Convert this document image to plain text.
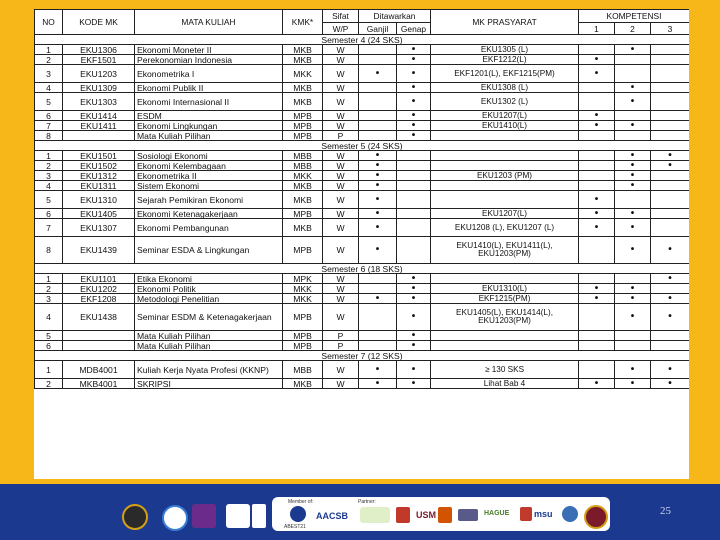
NO	KODE MK	MATA KULIAH	KMK*	Sifat	Ditawarkan		MK PRASYARAT	KOMPETENSI		
				W/P	Ganjil	Genap		1	2	3
Semester 4 (24 SKS)										
1	EKU1306	Ekonomi Moneter II	MKB	W		•	EKU1305 (L)		•	
2	EKF1501	Perekonomian Indonesia	MKB	W		•	EKF1212(L)	•		
3	EKU1203	Ekonometrika I	MKK	W	•	•	EKF1201(L), EKF1215(PM)	•		
4	EKU1309	Ekonomi Publik II	MKB	W		•	EKU1308 (L)		•	
5	EKU1303	Ekonomi Internasional II	MKB	W		•	EKU1302 (L)		•	
6	EKU1414	ESDM	MPB	W		•	EKU1207(L)	•		
7	EKU1411	Ekonomi Lingkungan	MPB	W		•	EKU1410(L)	•	•	
8		Mata Kuliah Pilihan	MPB	P		•				
Semester 5 (24 SKS)										
1	EKU1501	Sosiologi Ekonomi	MBB	W	•				•	•
2	EKU1502	Ekonomi Kelembagaan	MBB	W	•				•	•
3	EKU1312	Ekonometrika II	MKK	W	•		EKU1203 (PM)		•	
4	EKU1311	Sistem Ekonomi	MKB	W	•				•	
5	EKU1310	Sejarah Pemikiran Ekonomi	MKB	W	•			•		
6	EKU1405	Ekonomi Ketenagakerjaan	MPB	W	•		EKU1207(L)	•	•	
7	EKU1307	Ekonomi Pembangunan	MKB	W	•		EKU1208 (L), EKU1207 (L)	•	•	
8	EKU1439	Seminar ESDA & Lingkungan	MPB	W	•		EKU1410(L), EKU1411(L), EKU1203(PM)		•	•
Semester 6 (18 SKS)										
1	EKU1101	Etika Ekonomi	MPK	W		•				•
2	EKU1202	Ekonomi Politik	MKK	W		•	EKU1310(L)	•	•	
3	EKF1208	Metodologi Penelitian	MKK	W	•	•	EKF1215(PM)	•	•	•
4	EKU1438	Seminar ESDM & Ketenagakerjaan	MPB	W		•	EKU1405(L), EKU1414(L), EKU1203(PM)		•	•
5		Mata Kuliah Pilihan	MPB	P		•				
6		Mata Kuliah Pilihan	MPB	P		•				
Semester 7 (12 SKS)										
1	MDB4001	Kuliah Kerja Nyata Profesi (KKNP)	MBB	W	•	•	≥ 130 SKS		•	•
2	MKB4001	SKRIPSI	MKB	W	•	•	Lihat Bab 4	•	•	•
Member of:
ABEST21
AACSB
Partner:
USM	HAGUE	msu	25
